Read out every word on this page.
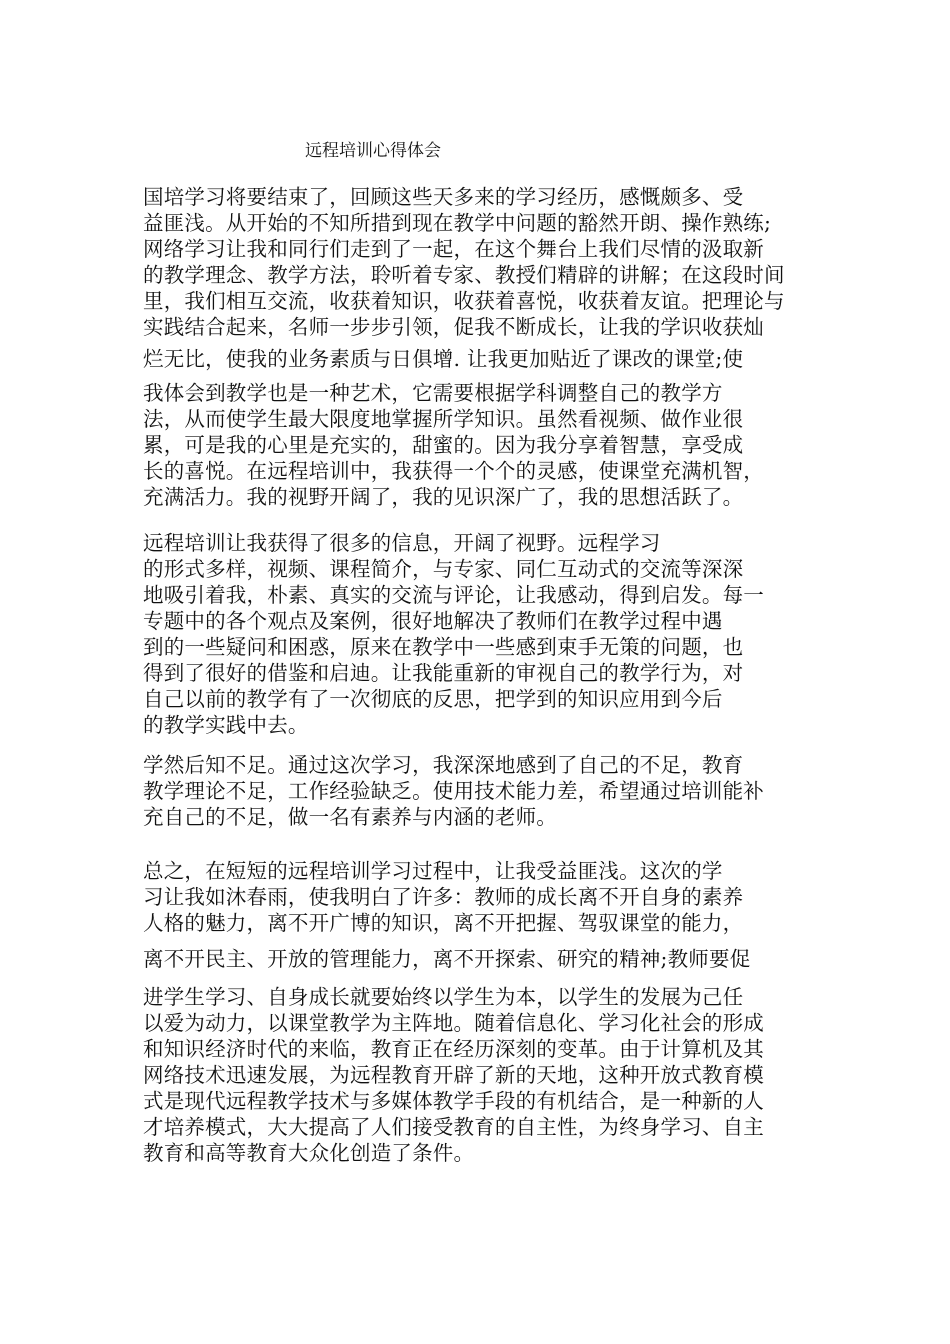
远程培训心得体会
国培学习将要结束了，回顾这些天多来的学习经历，感慨颇多、受
益匪浅。从开始的不知所措到现在教学中问题的豁然开朗、操作熟练;
网络学习让我和同行们走到了一起，在这个舞台上我们尽情的汲取新
的教学理念、教学方法，聆听着专家、教授们精辟的讲解；在这段时间
里，我们相互交流，收获着知识，收获着喜悦，收获着友谊。把理论与
实践结合起来，名师一步步引领，促我不断成长，让我的学识收获灿
烂无比，使我的业务素质与日俱增. 让我更加贴近了课改的课堂;使
我体会到教学也是一种艺术，它需要根据学科调整自己的教学方
法，从而使学生最大限度地掌握所学知识。虽然看视频、做作业很
累，可是我的心里是充实的，甜蜜的。因为我分享着智慧，享受成
长的喜悦。在远程培训中，我获得一个个的灵感，使课堂充满机智，
充满活力。我的视野开阔了，我的见识深广了，我的思想活跃了。
远程培训让我获得了很多的信息，开阔了视野。远程学习
的形式多样，视频、课程简介，与专家、同仁互动式的交流等深深
地吸引着我，朴素、真实的交流与评论，让我感动，得到启发。每一
专题中的各个观点及案例，很好地解决了教师们在教学过程中遇
到的一些疑问和困惑，原来在教学中一些感到束手无策的问题，也
得到了很好的借鉴和启迪。让我能重新的审视自己的教学行为，对
自己以前的教学有了一次彻底的反思，把学到的知识应用到今后
的教学实践中去。
学然后知不足。通过这次学习，我深深地感到了自己的不足，教育
教学理论不足，工作经验缺乏。使用技术能力差，希望通过培训能补
充自己的不足，做一名有素养与内涵的老师。
总之，在短短的远程培训学习过程中，让我受益匪浅。这次的学
习让我如沐春雨，使我明白了许多：教师的成长离不开自身的素养
人格的魅力，离不开广博的知识，离不开把握、驾驭课堂的能力，
离不开民主、开放的管理能力，离不开探索、研究的精神;教师要促
进学生学习、自身成长就要始终以学生为本，以学生的发展为己任
以爱为动力，以课堂教学为主阵地。随着信息化、学习化社会的形成
和知识经济时代的来临，教育正在经历深刻的变革。由于计算机及其
网络技术迅速发展，为远程教育开辟了新的天地，这种开放式教育模
式是现代远程教学技术与多媒体教学手段的有机结合，是一种新的人
才培养模式，大大提高了人们接受教育的自主性，为终身学习、自主
教育和高等教育大众化创造了条件。
